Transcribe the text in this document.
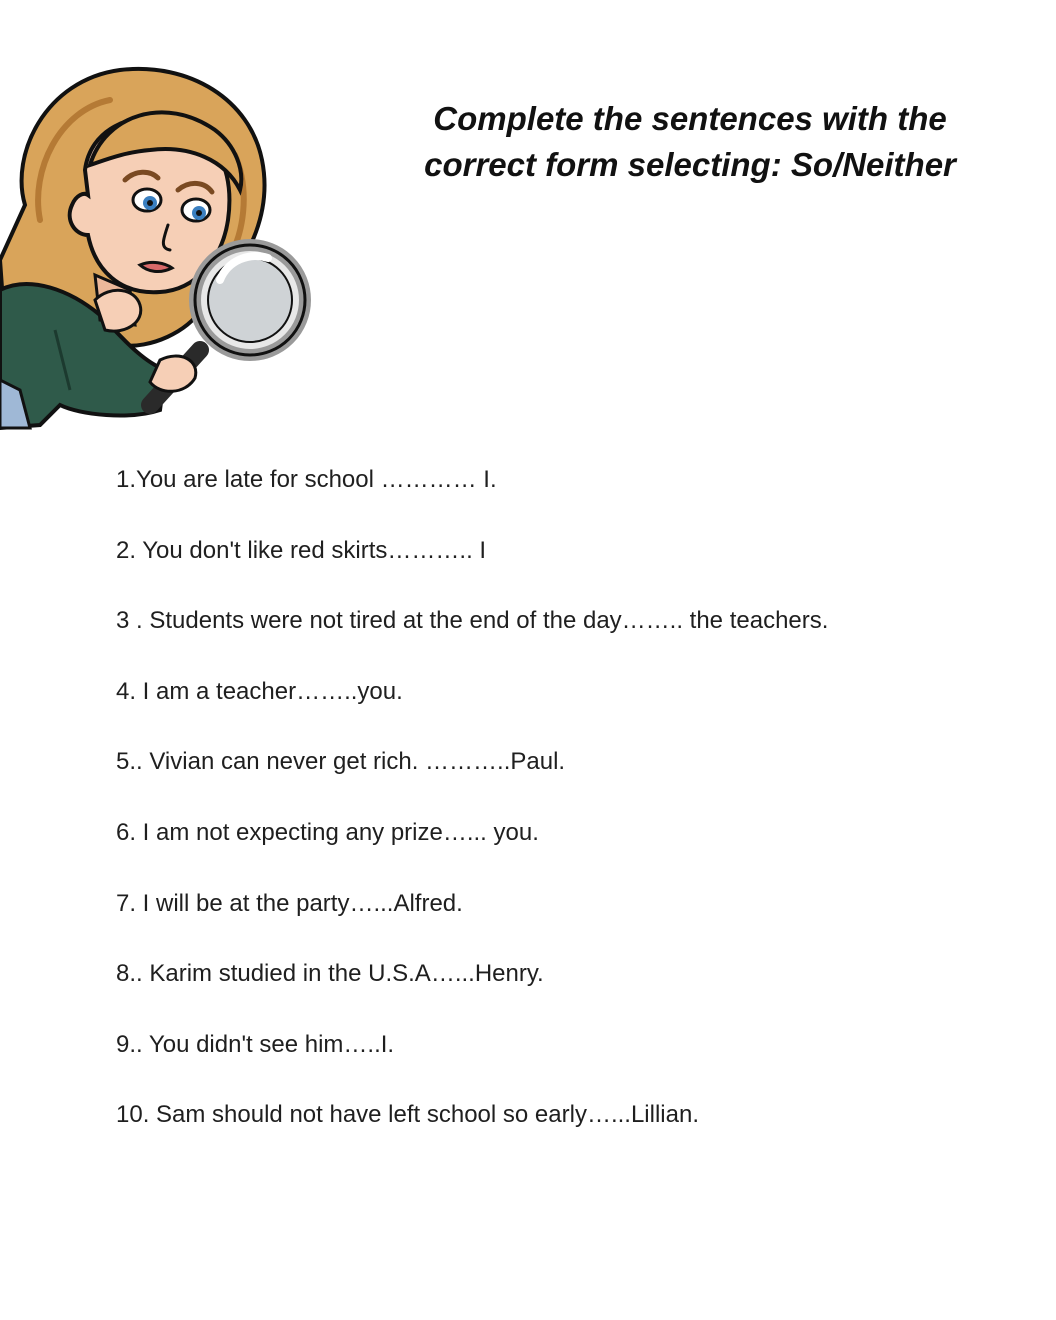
Complete the sentences with the
correct form selecting: So/Neither
1.You are late for school ………… I.
2. You don't like red skirts……….. I
3 . Students were not tired at the end of the day…….. the teachers.
4. I am a teacher……..you.
5.. Vivian can never get rich. ………..Paul.
6. I am not expecting any prize…... you.
7. I will be at the party…...Alfred.
8.. Karim studied in the U.S.A…...Henry.
9.. You didn't see him…..I.
10. Sam should not have left school so early…...Lillian.
